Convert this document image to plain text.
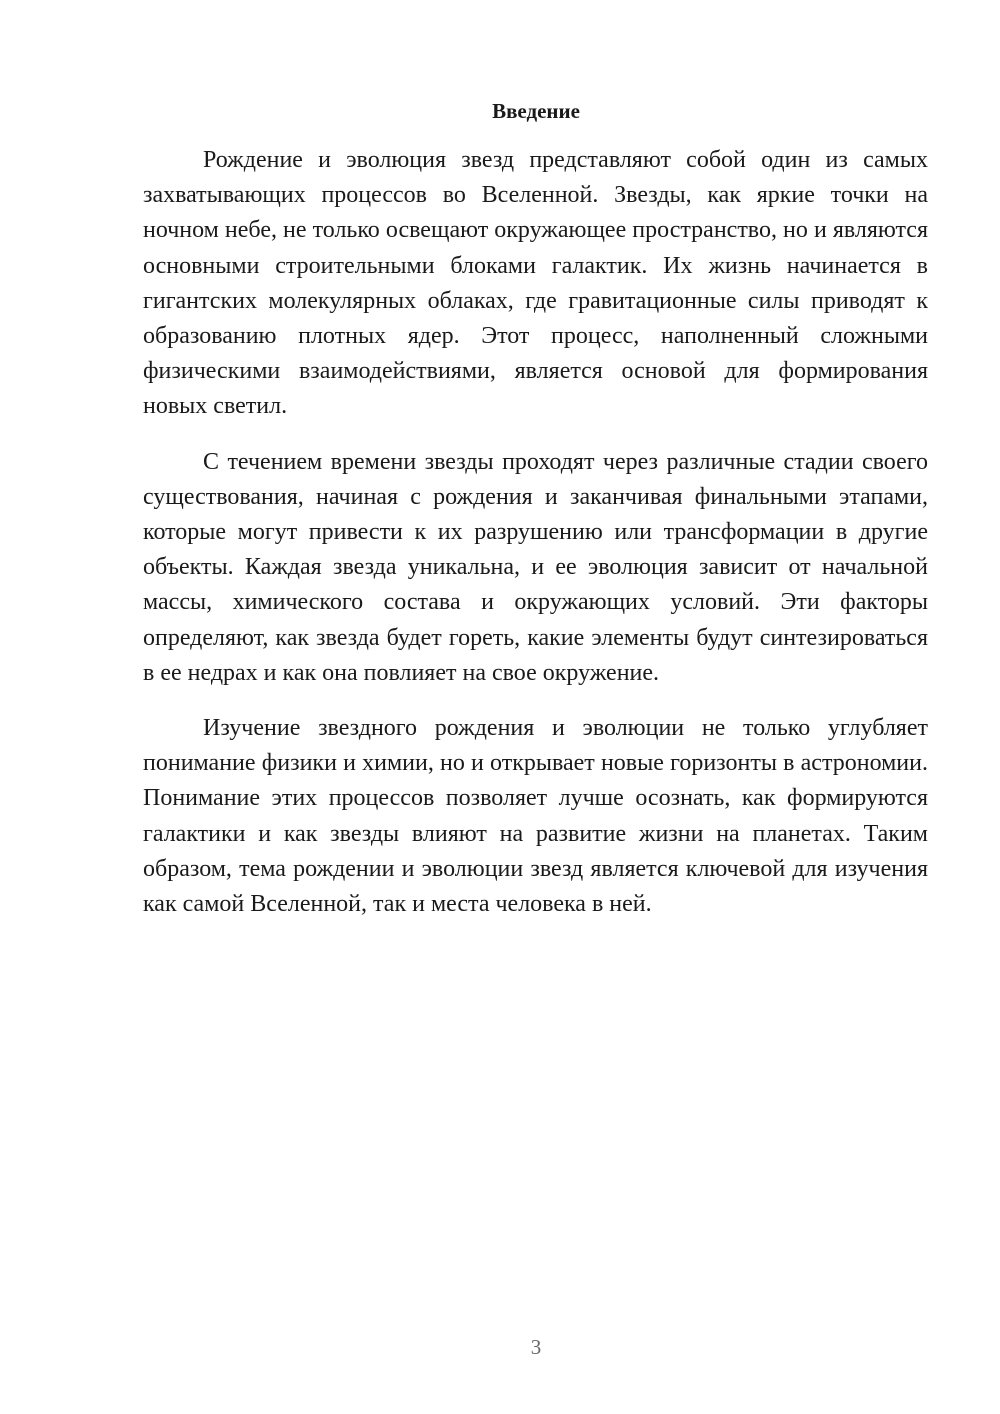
Введение

Рождение и эволюция звезд представляют собой один из самых захватывающих процессов во Вселенной. Звезды, как яркие точки на ночном небе, не только освещают окружающее пространство, но и являются основными строительными блоками галактик. Их жизнь начинается в гигантских молекулярных облаках, где гравитационные силы приводят к образованию плотных ядер. Этот процесс, наполненный сложными физическими взаимодействиями, является основой для формирования новых светил.

С течением времени звезды проходят через различные стадии своего существования, начиная с рождения и заканчивая финальными этапами, которые могут привести к их разрушению или трансформации в другие объекты. Каждая звезда уникальна, и ее эволюция зависит от начальной массы, химического состава и окружающих условий. Эти факторы определяют, как звезда будет гореть, какие элементы будут синтезироваться в ее недрах и как она повлияет на свое окружение.

Изучение звездного рождения и эволюции не только углубляет понимание физики и химии, но и открывает новые горизонты в астрономии. Понимание этих процессов позволяет лучше осознать, как формируются галактики и как звезды влияют на развитие жизни на планетах. Таким образом, тема рождении и эволюции звезд является ключевой для изучения как самой Вселенной, так и места человека в ней.

3
